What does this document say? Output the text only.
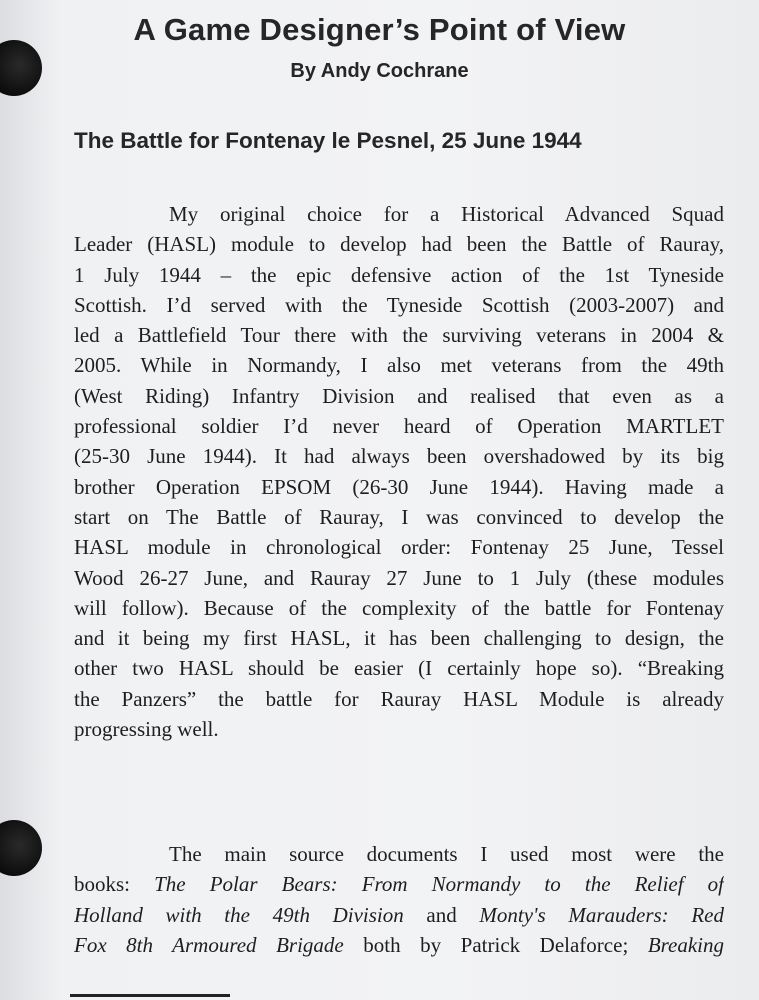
A Game Designer’s Point of View
By Andy Cochrane
The Battle for Fontenay le Pesnel, 25 June 1944
My original choice for a Historical Advanced Squad
Leader (HASL) module to develop had been the Battle of Rauray,
1 July 1944 – the epic defensive action of the 1st Tyneside
Scottish. I’d served with the Tyneside Scottish (2003-2007) and
led a Battlefield Tour there with the surviving veterans in 2004 &
2005. While in Normandy, I also met veterans from the 49th
(West Riding) Infantry Division and realised that even as a
professional soldier I’d never heard of Operation MARTLET
(25-30 June 1944). It had always been overshadowed by its big
brother Operation EPSOM (26-30 June 1944). Having made a
start on The Battle of Rauray, I was convinced to develop the
HASL module in chronological order: Fontenay 25 June, Tessel
Wood 26-27 June, and Rauray 27 June to 1 July (these modules
will follow). Because of the complexity of the battle for Fontenay
and it being my first HASL, it has been challenging to design, the
other two HASL should be easier (I certainly hope so). “Breaking
the Panzers” the battle for Rauray HASL Module is already
progressing well.
The main source documents I used most were the
books: The Polar Bears: From Normandy to the Relief of
Holland with the 49th Division and Monty's Marauders: Red
Fox 8th Armoured Brigade both by Patrick Delaforce; Breaking
